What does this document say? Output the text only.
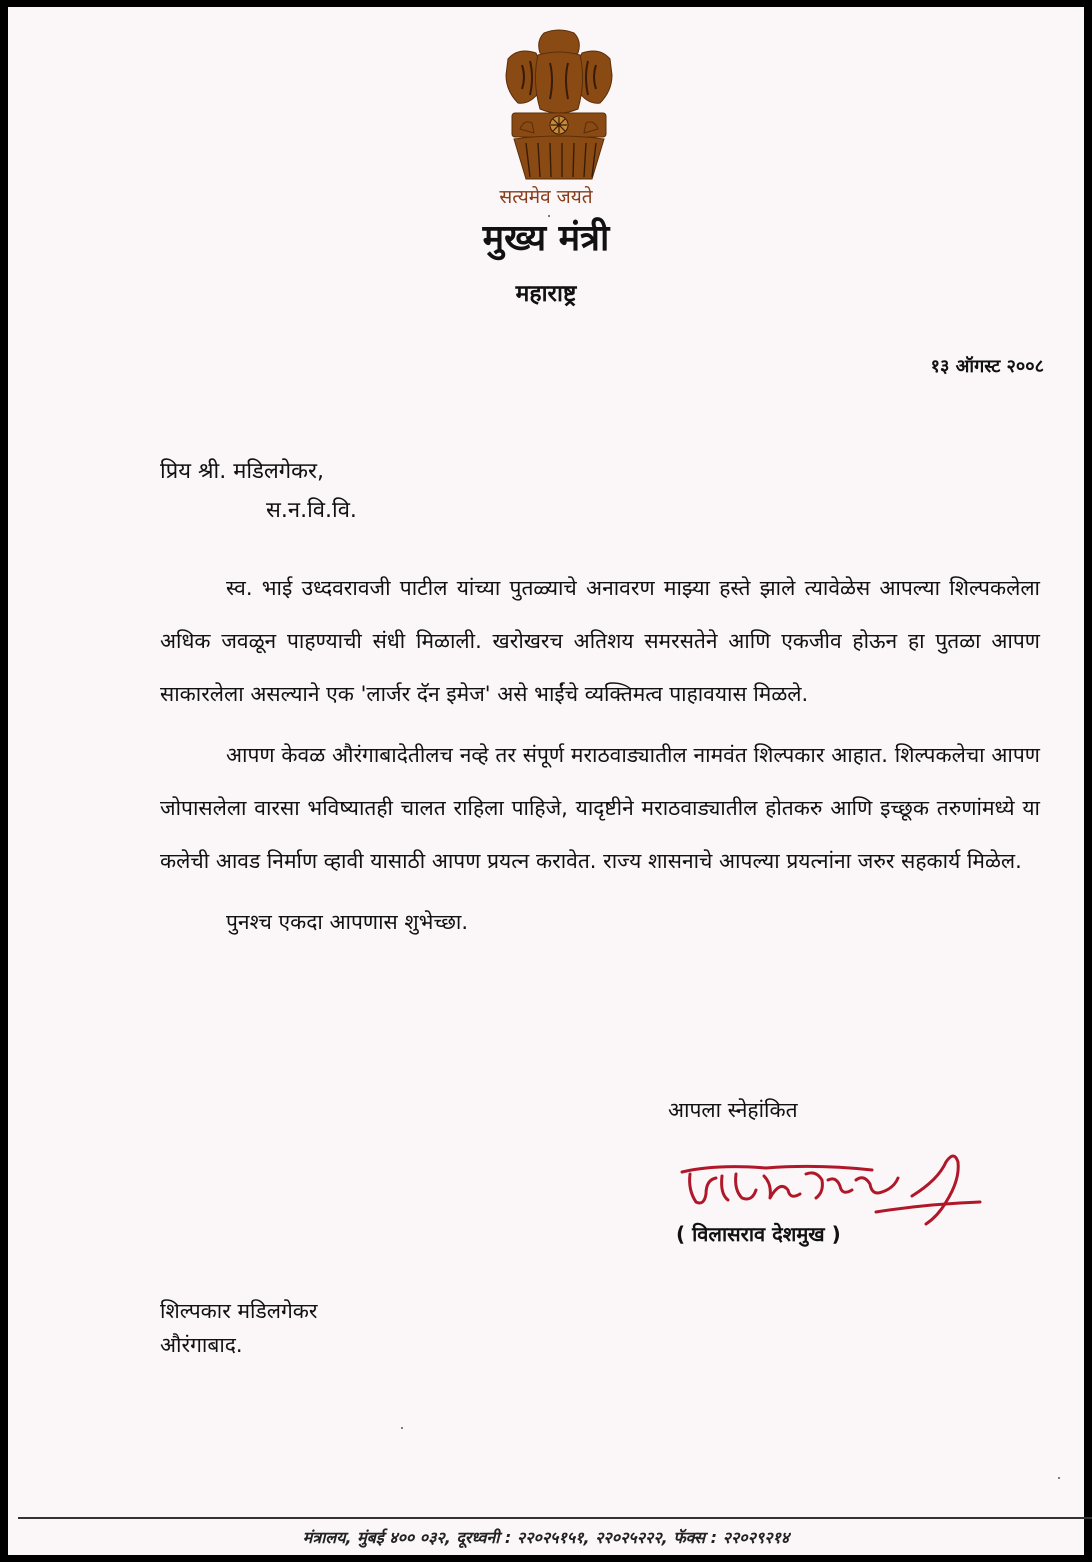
सत्यमेव जयते
मुख्य मंत्री
महाराष्ट्र
१३ ऑगस्ट २००८
प्रिय श्री. मडिलगेकर,
स.न.वि.वि.

स्व. भाई उध्दवरावजी पाटील यांच्या पुतळ्याचे अनावरण माझ्या हस्ते झाले त्यावेळेस आपल्या शिल्पकलेला अधिक जवळून पाहण्याची संधी मिळाली. खरोखरच अतिशय समरसतेने आणि एकजीव होऊन हा पुतळा आपण साकारलेला असल्याने एक 'लार्जर दॅन इमेज' असे भाईंचे व्यक्तिमत्व पाहावयास मिळले.

आपण केवळ औरंगाबादेतीलच नव्हे तर संपूर्ण मराठवाड्यातील नामवंत शिल्पकार आहात. शिल्पकलेचा आपण जोपासलेला वारसा भविष्यातही चालत राहिला पाहिजे, यादृष्टीने मराठवाड्यातील होतकरु आणि इच्छूक तरुणांमध्ये या कलेची आवड निर्माण व्हावी यासाठी आपण प्रयत्न करावेत. राज्य शासनाचे आपल्या प्रयत्नांना जरुर सहकार्य मिळेल.

पुनश्च एकदा आपणास शुभेच्छा.

आपला स्नेहांकित
( विलासराव देशमुख )
शिल्पकार मडिलगेकर
औरंगाबाद.
मंत्रालय, मुंबई ४०० ०३२, दूरध्वनी : २२०२५१५१, २२०२५२२२, फॅक्स : २२०२९२१४
